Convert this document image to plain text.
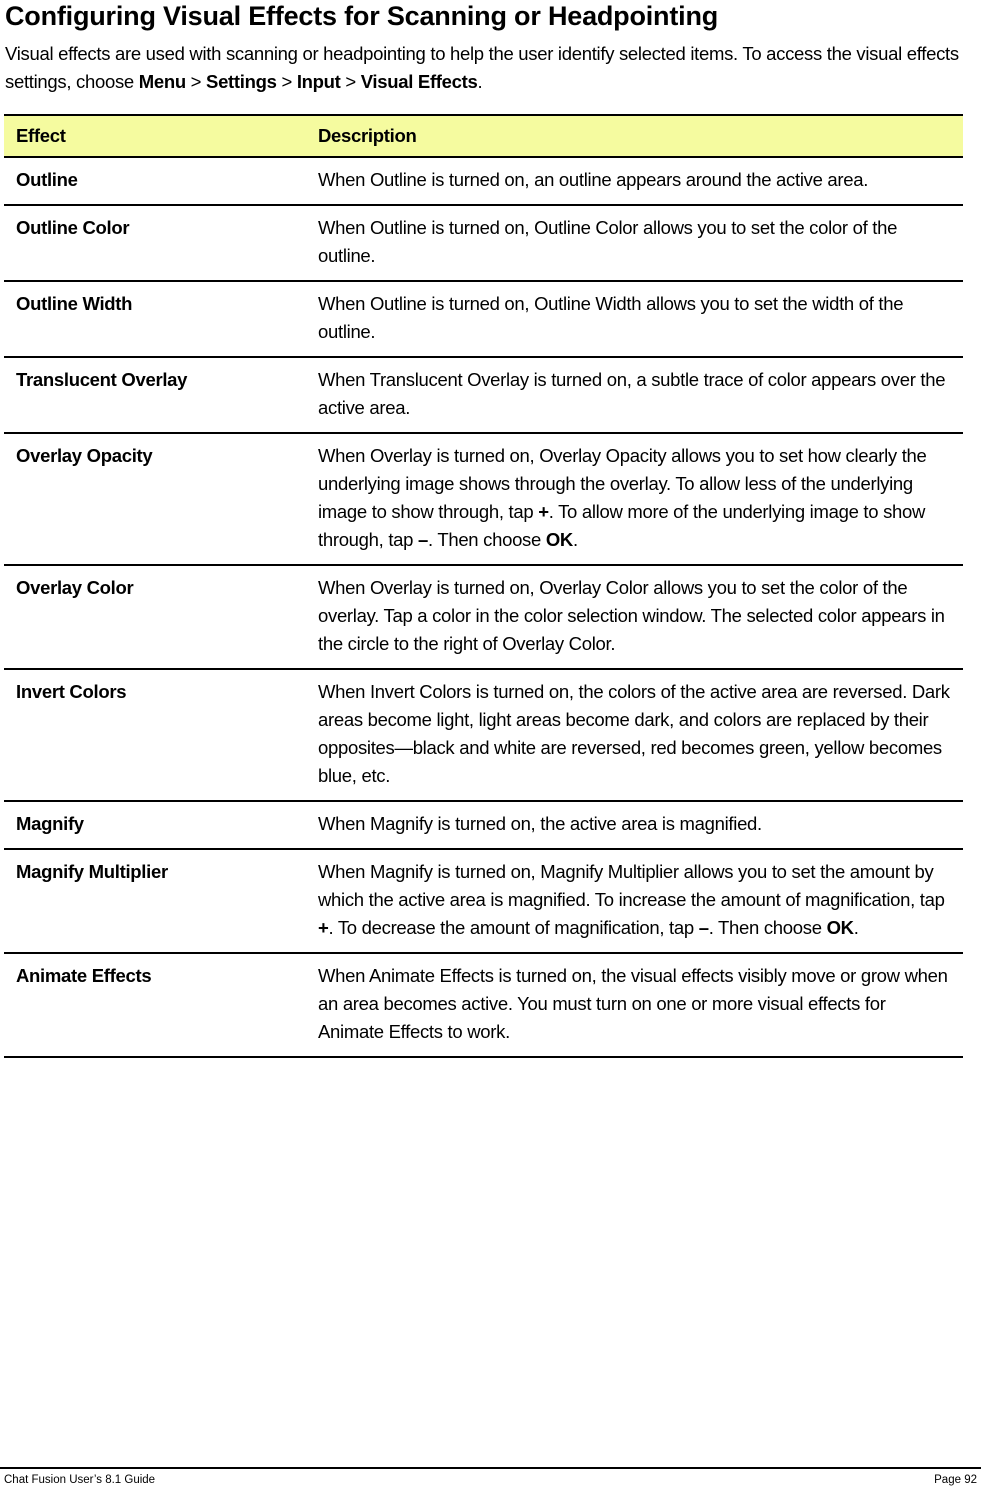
Configuring Visual Effects for Scanning or Headpointing

Visual effects are used with scanning or headpointing to help the user identify selected items. To access the visual effects settings, choose Menu > Settings > Input > Visual Effects.

Effect	Description
Outline	When Outline is turned on, an outline appears around the active area.
Outline Color	When Outline is turned on, Outline Color allows you to set the color of the outline.
Outline Width	When Outline is turned on, Outline Width allows you to set the width of the outline.
Translucent Overlay	When Translucent Overlay is turned on, a subtle trace of color appears over the active area.
Overlay Opacity	When Overlay is turned on, Overlay Opacity allows you to set how clearly the underlying image shows through the overlay. To allow less of the underlying image to show through, tap +. To allow more of the underlying image to show through, tap –. Then choose OK.
Overlay Color	When Overlay is turned on, Overlay Color allows you to set the color of the overlay. Tap a color in the color selection window. The selected color appears in the circle to the right of Overlay Color.
Invert Colors	When Invert Colors is turned on, the colors of the active area are reversed. Dark areas become light, light areas become dark, and colors are replaced by their opposites—black and white are reversed, red becomes green, yellow becomes blue, etc.
Magnify	When Magnify is turned on, the active area is magnified.
Magnify Multiplier	When Magnify is turned on, Magnify Multiplier allows you to set the amount by which the active area is magnified. To increase the amount of magnification, tap +. To decrease the amount of magnification, tap –. Then choose OK.
Animate Effects	When Animate Effects is turned on, the visual effects visibly move or grow when an area becomes active. You must turn on one or more visual effects for Animate Effects to work.
Chat Fusion User’s 8.1 Guide	Page 92
